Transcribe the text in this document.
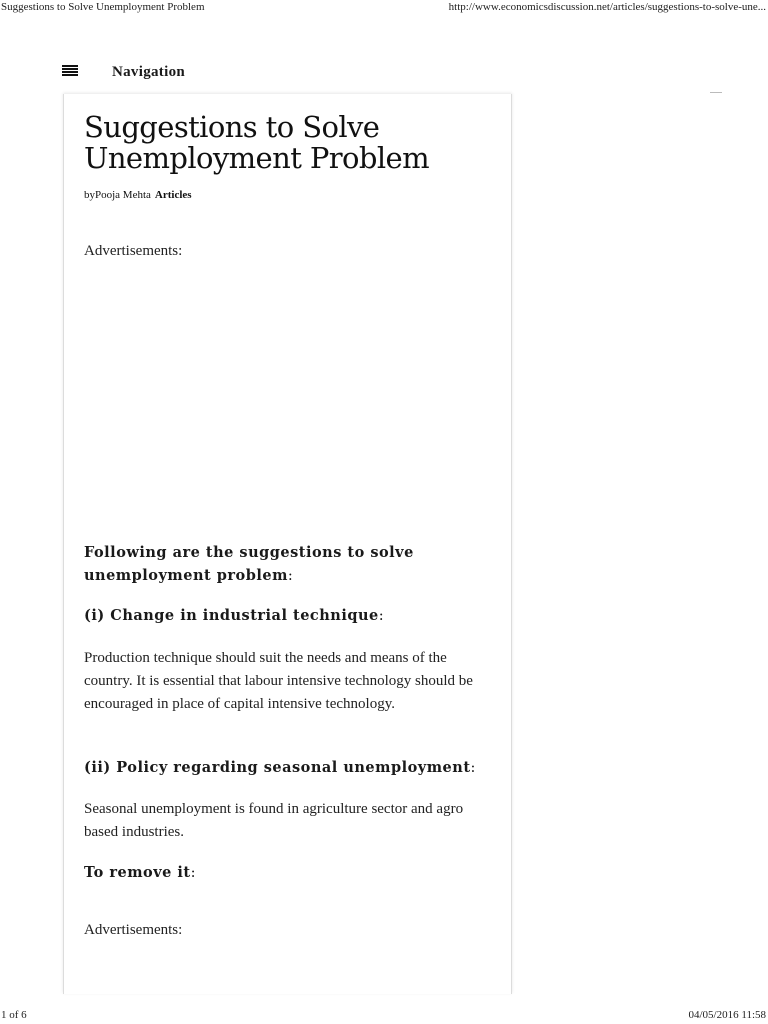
Suggestions to Solve Unemployment Problem	http://www.economicsdiscussion.net/articles/suggestions-to-solve-une...
Navigation
Suggestions to Solve
Unemployment Problem
byPooja Mehta Articles
Advertisements:
Following are the suggestions to solve
unemployment problem:
(i) Change in industrial technique:

Production technique should suit the needs and means of the country. It is essential that labour intensive technology should be encouraged in place of capital intensive technology.

(ii) Policy regarding seasonal unemployment:

Seasonal unemployment is found in agriculture sector and agro based industries.

To remove it:
Advertisements:
1 of 6	04/05/2016 11:58
